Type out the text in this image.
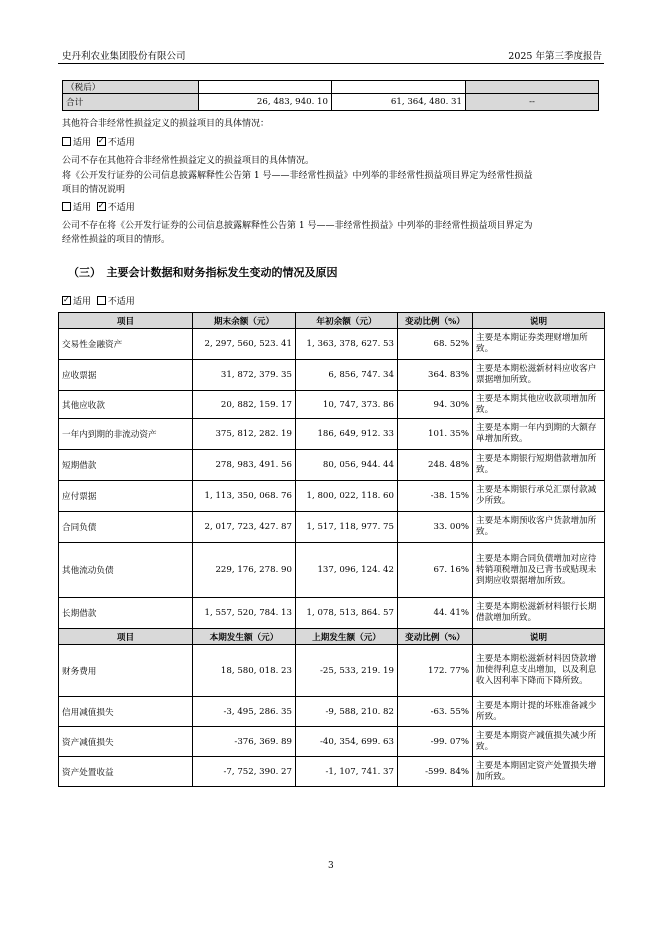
史丹利农业集团股份有限公司	2025 年第三季度报告
（税后）			
合计	26, 483, 940. 10	61, 364, 480. 31	--
其他符合非经常性损益定义的损益项目的具体情况：
适用 ✓ 不适用
公司不存在其他符合非经常性损益定义的损益项目的具体情况。
将《公开发行证券的公司信息披露解释性公告第 1 号——非经常性损益》中列举的非经常性损益项目界定为经常性损益
项目的情况说明
适用 ✓ 不适用
公司不存在将《公开发行证券的公司信息披露解释性公告第 1 号——非经常性损益》中列举的非经常性损益项目界定为
经常性损益的项目的情形。
（三）　主要会计数据和财务指标发生变动的情况及原因
✓适用 不适用
项目	期末余额（元）	年初余额（元）	变动比例（%）	说明
交易性金融资产	2, 297, 560, 523. 41	1, 363, 378, 627. 53	68. 52%	主要是本期证券类理财增加所致。
应收票据	31, 872, 379. 35	6, 856, 747. 34	364. 83%	主要是本期松滋新材料应收客户票据增加所致。
其他应收款	20, 882, 159. 17	10, 747, 373. 86	94. 30%	主要是本期其他应收款项增加所致。
一年内到期的非流动资产	375, 812, 282. 19	186, 649, 912. 33	101. 35%	主要是本期一年内到期的大额存单增加所致。
短期借款	278, 983, 491. 56	80, 056, 944. 44	248. 48%	主要是本期银行短期借款增加所致。
应付票据	1, 113, 350, 068. 76	1, 800, 022, 118. 60	-38. 15%	主要是本期银行承兑汇票付款减少所致。
合同负债	2, 017, 723, 427. 87	1, 517, 118, 977. 75	33. 00%	主要是本期预收客户货款增加所致。
其他流动负债	229, 176, 278. 90	137, 096, 124. 42	67. 16%	主要是本期合同负债增加对应待转销项税增加及已背书或贴现未到期应收票据增加所致。
长期借款	1, 557, 520, 784. 13	1, 078, 513, 864. 57	44. 41%	主要是本期松滋新材料银行长期借款增加所致。
项目	本期发生额（元）	上期发生额（元）	变动比例（%）	说明
财务费用	18, 580, 018. 23	-25, 533, 219. 19	172. 77%	主要是本期松滋新材料因贷款增加使得利息支出增加，以及利息收入因利率下降而下降所致。
信用减值损失	-3, 495, 286. 35	-9, 588, 210. 82	-63. 55%	主要是本期计提的坏账准备减少所致。
资产减值损失	-376, 369. 89	-40, 354, 699. 63	-99. 07%	主要是本期资产减值损失减少所致。
资产处置收益	-7, 752, 390. 27	-1, 107, 741. 37	-599. 84%	主要是本期固定资产处置损失增加所致。
3
